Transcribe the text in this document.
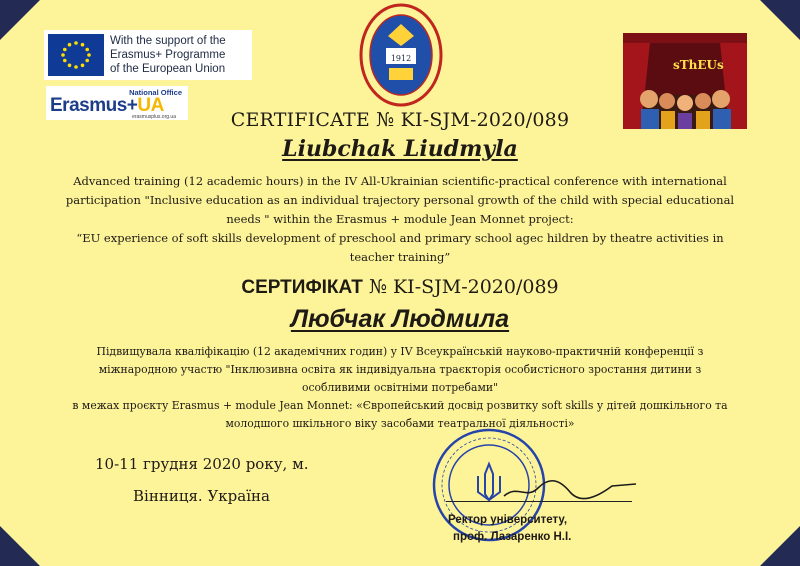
With the support of the
Erasmus+ Programme
of the European Union
National Office
Erasmus+UA
erasmusplus.org.ua
1912	sThEUs
CERTIFICATE № KI-SJM-2020/089
Liubchak Liudmyla
Advanced training (12 academic hours) in the IV All-Ukrainian scientific-practical conference with international participation "Inclusive education as an individual trajectory personal growth of the child with special educational needs " within the Erasmus + module Jean Monnet project:
“EU experience of soft skills development of preschool and primary school agec hildren by theatre activities in teacher training”
СЕРТИФІКАТ № KI-SJM-2020/089
Любчак Людмила
Підвищувала кваліфікацію (12 академічних годин) у IV Всеукраїнській науково-практичній конференції з міжнародною участю "Інклюзивна освіта як індивідуальна траєкторія особистісного зростання дитини з особливими освітніми потребами"
в межах проєкту Erasmus + module Jean Monnet: «Європейський досвід розвитку soft skills у дітей дошкільного та молодшого шкільного віку засобами театральної діяльності»
10-11 грудня 2020 року, м.
Вінниця. Україна
Ректор університету,
проф. Лазаренко Н.І.
